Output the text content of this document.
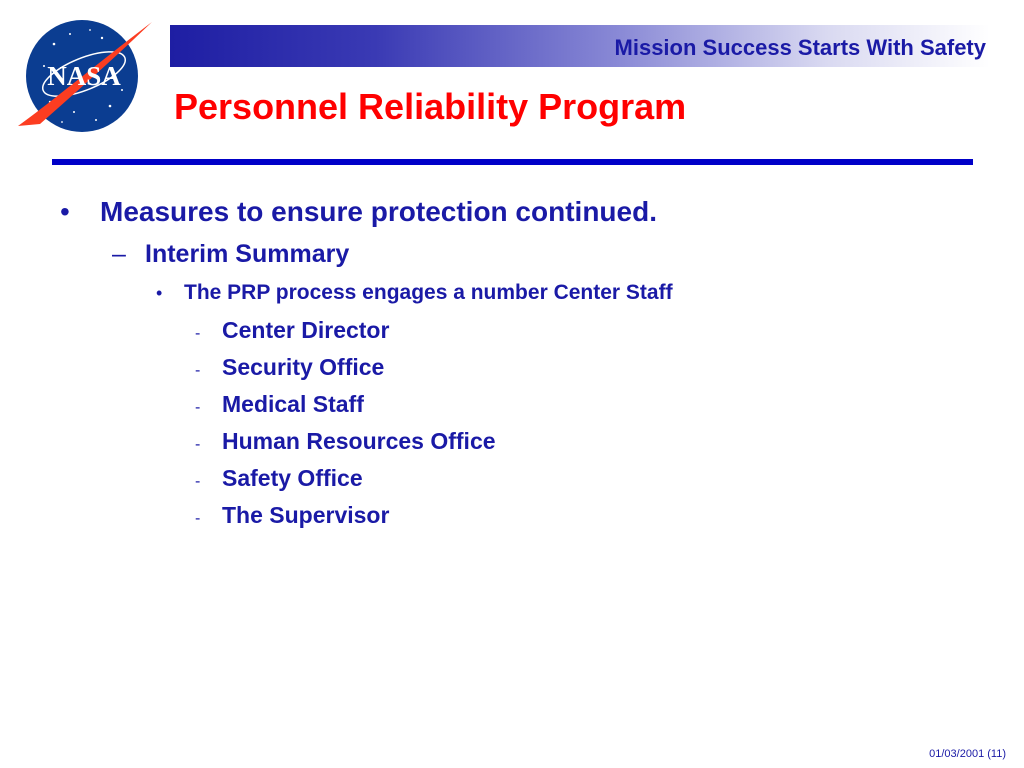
NASA
Mission Success Starts With Safety
Personnel Reliability Program
• Measures to ensure protection continued.
– Interim Summary
• The PRP process engages a number Center Staff
- Center Director
- Security Office
- Medical Staff
- Human Resources Office
- Safety Office
- The Supervisor
01/03/2001 (11)
